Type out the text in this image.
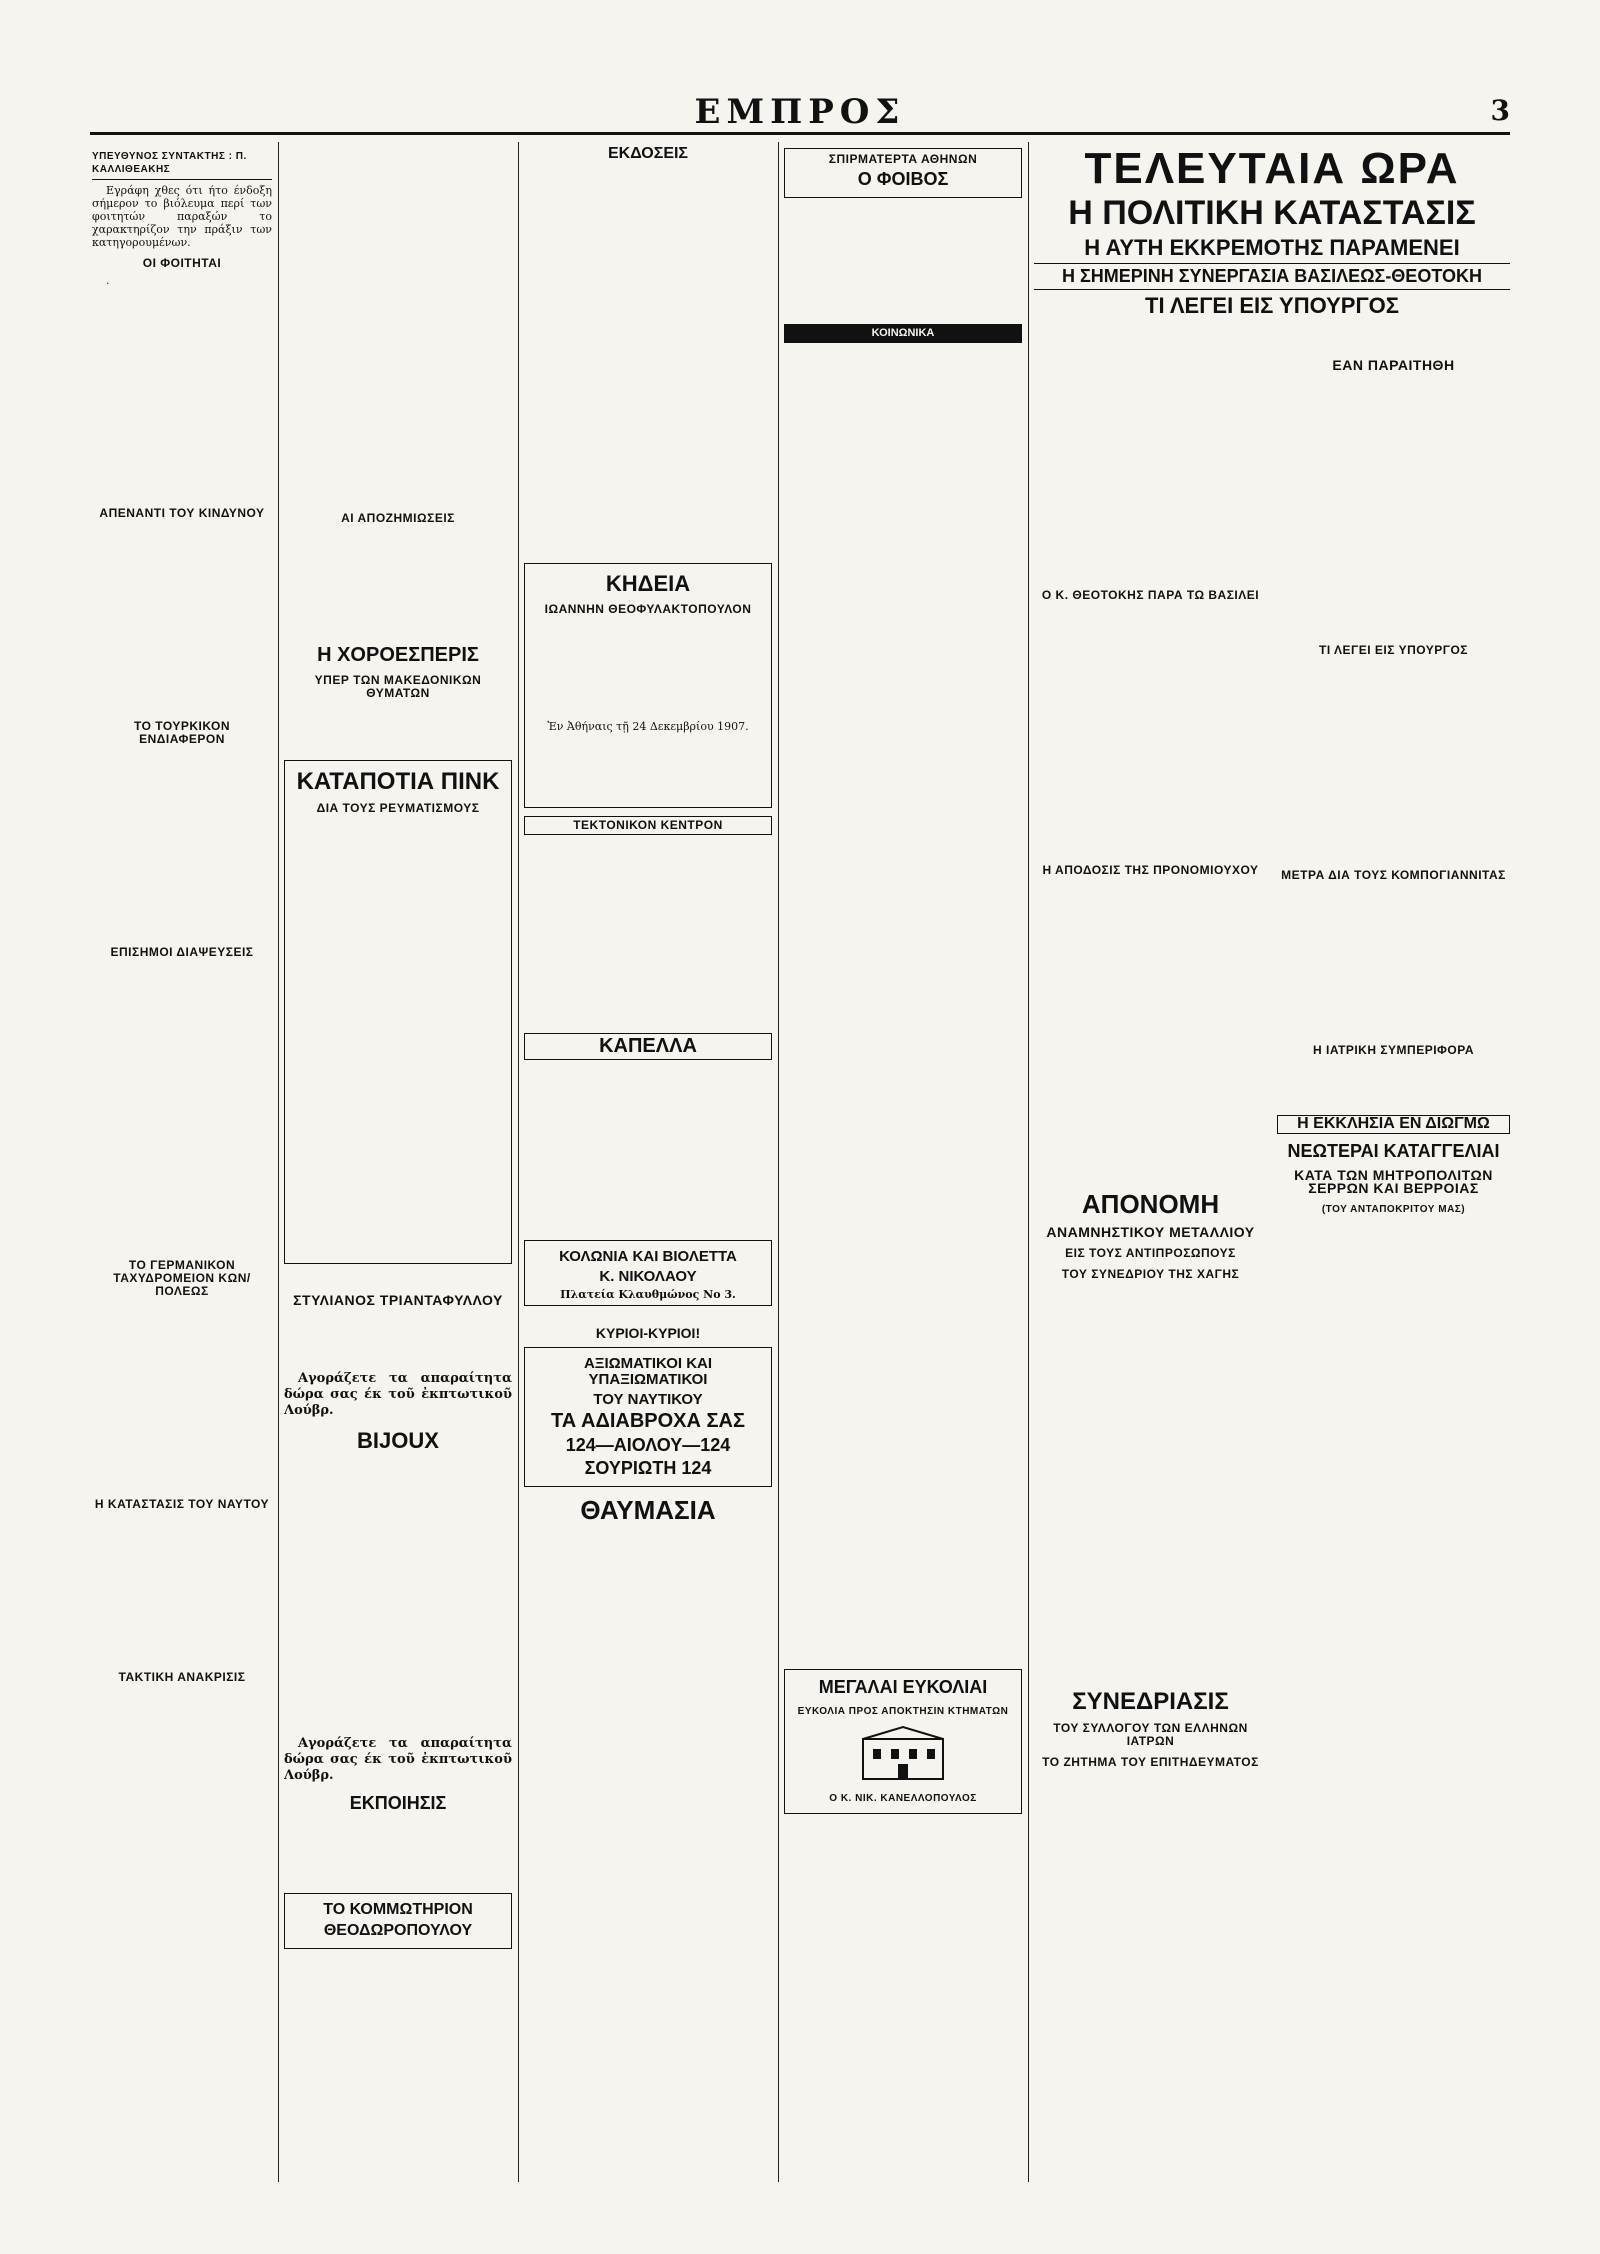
ΕΜΠΡΟΣ	3
ΥΠΕΥΘΥΝΟΣ ΣΥΝΤΑΚΤΗΣ : Π. ΚΑΛΛΙΘΕΑΚΗΣ

Εγράφη χθες ότι ήτο ένδοξη σήμερον το βιόλευμα περί των φοιτητών παραξών το χαρακτηρίζον την πράξιν των κατηγορουμένων.

ΟΙ ΦΟΙΤΗΤΑΙ

.

ΑΠΕΝΑΝΤΙ ΤΟΥ ΚΙΝΔΥΝΟΥ
ΤΟ ΤΟΥΡΚΙΚΟΝ ΕΝΔΙΑΦΕΡΟΝ
ΕΠΙΣΗΜΟΙ ΔΙΑΨΕΥΣΕΙΣ
ΤΟ ΓΕΡΜΑΝΙΚΟΝ ΤΑΧΥΔΡΟΜΕΙΟΝ ΚΩΝ/ΠΟΛΕΩΣ
Η ΚΑΤΑΣΤΑΣΙΣ ΤΟΥ ΝΑΥΤΟΥ
ΤΑΚΤΙΚΗ ΑΝΑΚΡΙΣΙΣ
ΑΙ ΑΠΟΖΗΜΙΩΣΕΙΣ
Η ΧΟΡΟΕΣΠΕΡΙΣ
ΥΠΕΡ ΤΩΝ ΜΑΚΕΔΟΝΙΚΩΝ ΘΥΜΑΤΩΝ
ΚΑΤΑΠΟΤΙΑ ΠΙΝΚ
ΔΙΑ ΤΟΥΣ ΡΕΥΜΑΤΙΣΜΟΥΣ
ΣΤΥΛΙΑΝΟΣ ΤΡΙΑΝΤΑΦΥΛΛΟΥ

Αγοράζετε τα απαραίτητα δώρα σας έκ τοῦ ἐκπτωτικοῦ Λούβρ.

BIJOUX

Αγοράζετε τα απαραίτητα δώρα σας έκ τοῦ ἐκπτωτικοῦ Λούβρ.

ΕΚΠΟΙΗΣΙΣ
ΤΟ ΚΟΜΜΩΤΗΡΙΟΝ
ΘΕΟΔΩΡΟΠΟΥΛΟΥ
ΕΚΔΟΣΕΙΣ
ΚΗΔΕΙΑ
ΙΩΑΝΝΗΝ ΘΕΟΦΥΛΑΚΤΟΠΟΥΛΟΝ
Ἐν Ἀθήναις τῇ 24 Δεκεμβρίου 1907.
ΤΕΚΤΟΝΙΚΟΝ ΚΕΝΤΡΟΝ
ΚΑΠΕΛΛΑ
ΚΟΛΩΝΙΑ ΚΑΙ ΒΙΟΛΕΤΤΑ
Κ. ΝΙΚΟΛΑΟΥ
Πλατεία Κλαυθμώνος Νο 3.
ΚΥΡΙΟΙ-ΚΥΡΙΟΙ!
ΑΞΙΩΜΑΤΙΚΟΙ ΚΑΙ ΥΠΑΞΙΩΜΑΤΙΚΟΙ
ΤΟΥ ΝΑΥΤΙΚΟΥ
ΤΑ ΑΔΙΑΒΡΟΧΑ ΣΑΣ
124—ΑΙΟΛΟΥ—124
ΣΟΥΡΙΩΤΗ 124
ΘΑΥΜΑΣΙΑ
ΣΠΙΡΜΑΤΕΡΤΑ ΑΘΗΝΩΝ
Ο ΦΟΙΒΟΣ
ΚΟΙΝΩΝΙΚΑ
ΜΕΓΑΛΑΙ ΕΥΚΟΛΙΑΙ
ΕΥΚΟΛΙΑ ΠΡΟΣ ΑΠΟΚΤΗΣΙΝ ΚΤΗΜΑΤΩΝ
Ο Κ. ΝΙΚ. ΚΑΝΕΛΛΟΠΟΥΛΟΣ
ΤΕΛΕΥΤΑΙΑ ΩΡΑ
Η ΠΟΛΙΤΙΚΗ ΚΑΤΑΣΤΑΣΙΣ
Η ΑΥΤΗ ΕΚΚΡΕΜΟΤΗΣ ΠΑΡΑΜΕΝΕΙ
Η ΣΗΜΕΡΙΝΗ ΣΥΝΕΡΓΑΣΙΑ ΒΑΣΙΛΕΩΣ-ΘΕΟΤΟΚΗ
ΤΙ ΛΕΓΕΙ ΕΙΣ ΥΠΟΥΡΓΟΣ
Ο Κ. ΘΕΟΤΟΚΗΣ ΠΑΡΑ ΤΩ ΒΑΣΙΛΕΙ
Η ΑΠΟΔΟΣΙΣ ΤΗΣ ΠΡΟΝΟΜΙΟΥΧΟΥ
ΕΑΝ ΠΑΡΑΙΤΗΘΗ
ΤΙ ΛΕΓΕΙ ΕΙΣ ΥΠΟΥΡΓΟΣ
ΜΕΤΡΑ ΔΙΑ ΤΟΥΣ ΚΟΜΠΟΓΙΑΝΝΙΤΑΣ
Η ΙΑΤΡΙΚΗ ΣΥΜΠΕΡΙΦΟΡΑ
Η ΕΚΚΛΗΣΙΑ ΕΝ ΔΙΩΓΜΩ
ΝΕΩΤΕΡΑΙ ΚΑΤΑΓΓΕΛΙΑΙ
ΚΑΤΑ ΤΩΝ ΜΗΤΡΟΠΟΛΙΤΩΝ ΣΕΡΡΩΝ ΚΑΙ ΒΕΡΡΟΙΑΣ
(ΤΟΥ ΑΝΤΑΠΟΚΡΙΤΟΥ ΜΑΣ)
ΑΠΟΝΟΜΗ
ΑΝΑΜΝΗΣΤΙΚΟΥ ΜΕΤΑΛΛΙΟΥ
ΕΙΣ ΤΟΥΣ ΑΝΤΙΠΡΟΣΩΠΟΥΣ
ΤΟΥ ΣΥΝΕΔΡΙΟΥ ΤΗΣ ΧΑΓΗΣ
ΣΥΝΕΔΡΙΑΣΙΣ
ΤΟΥ ΣΥΛΛΟΓΟΥ ΤΩΝ ΕΛΛΗΝΩΝ ΙΑΤΡΩΝ
ΤΟ ΖΗΤΗΜΑ ΤΟΥ ΕΠΙΤΗΔΕΥΜΑΤΟΣ
